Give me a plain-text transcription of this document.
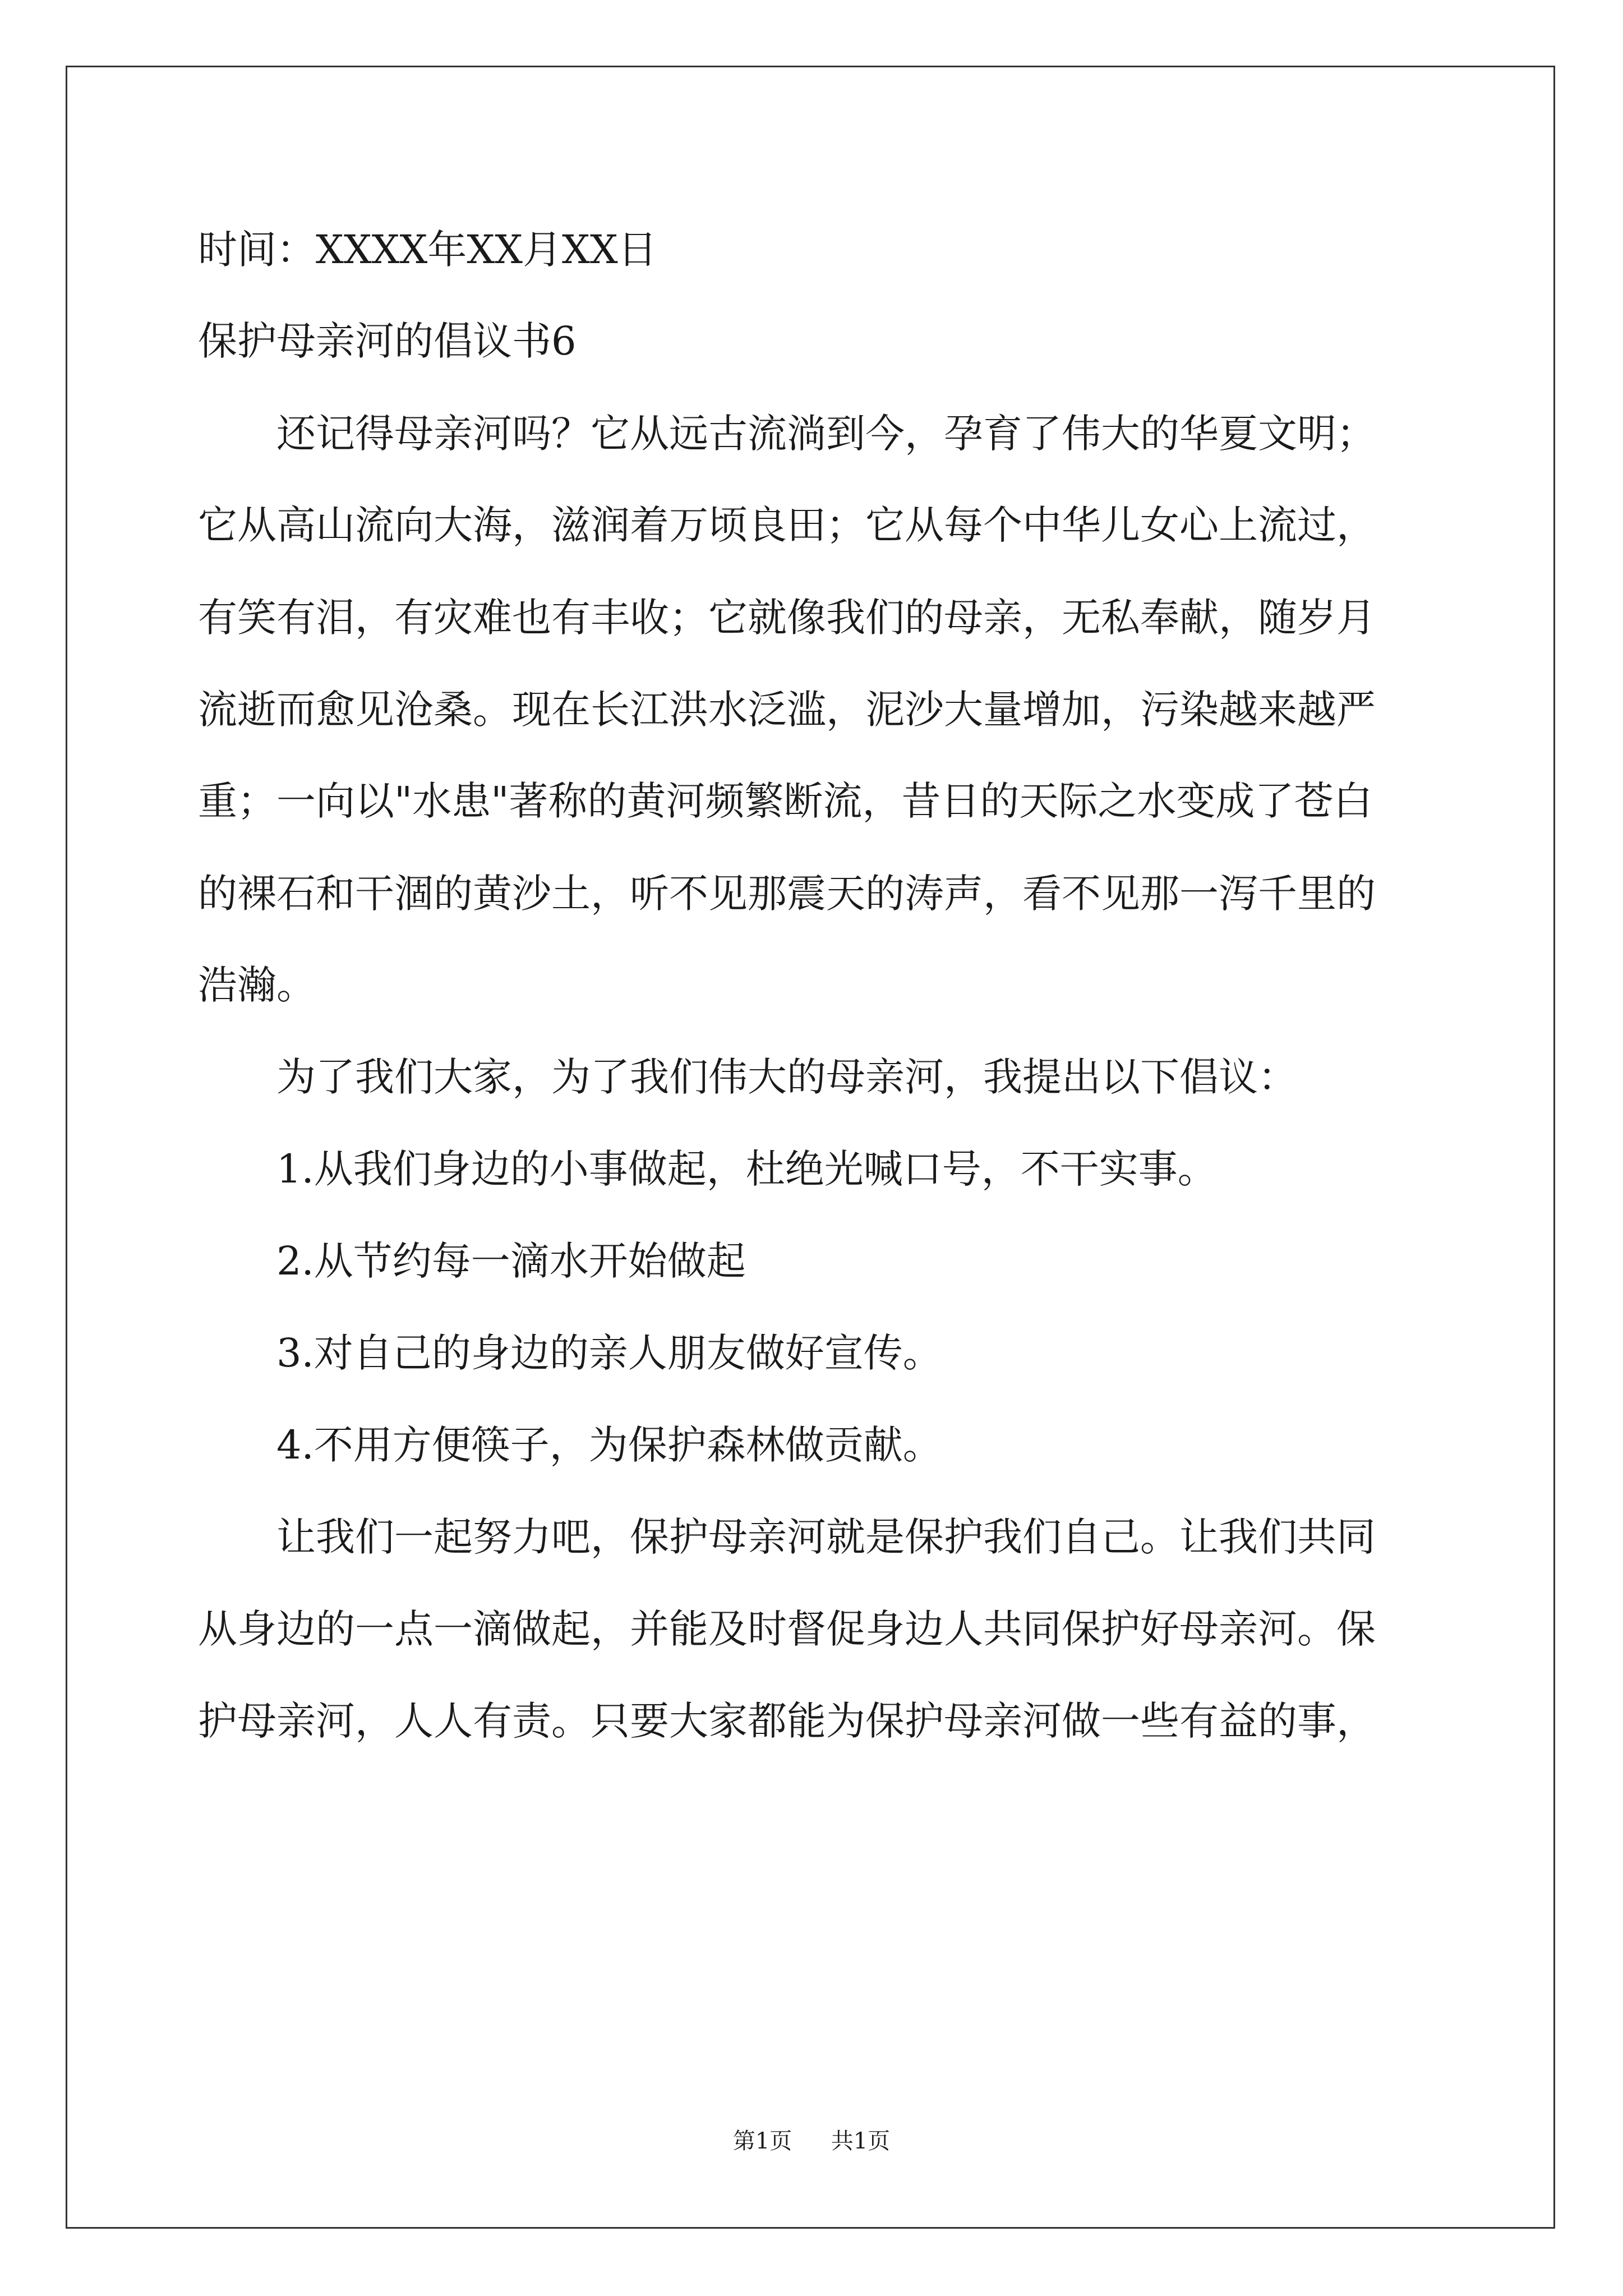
时间：XXXX年XX月XX日
保护母亲河的倡议书6
　　还记得母亲河吗？它从远古流淌到今，孕育了伟大的华夏文明；
它从高山流向大海，滋润着万顷良田；它从每个中华儿女心上流过，
有笑有泪，有灾难也有丰收；它就像我们的母亲，无私奉献，随岁月
流逝而愈见沧桑。现在长江洪水泛滥，泥沙大量增加，污染越来越严
重；一向以"水患"著称的黄河频繁断流，昔日的天际之水变成了苍白
的裸石和干涸的黄沙土，听不见那震天的涛声，看不见那一泻千里的
浩瀚。
　　为了我们大家，为了我们伟大的母亲河，我提出以下倡议：
　　1.从我们身边的小事做起，杜绝光喊口号，不干实事。
　　2.从节约每一滴水开始做起
　　3.对自己的身边的亲人朋友做好宣传。
　　4.不用方便筷子，为保护森林做贡献。
　　让我们一起努力吧，保护母亲河就是保护我们自己。让我们共同
从身边的一点一滴做起，并能及时督促身边人共同保护好母亲河。保
护母亲河，人人有责。只要大家都能为保护母亲河做一些有益的事，
第1页 共1页
